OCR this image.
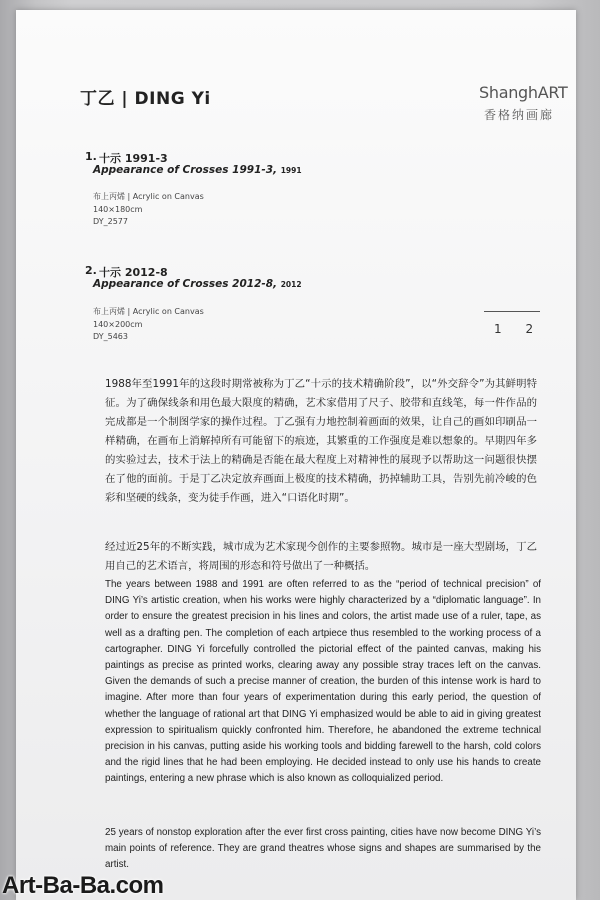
丁乙 | DING Yi	ShanghART
香格纳画廊
1. 十示 1991-3
Appearance of Crosses 1991-3, 1991
布上丙烯 | Acrylic on Canvas
140×180cm
DY_2577
2. 十示 2012-8
Appearance of Crosses 2012-8, 2012
布上丙烯 | Acrylic on Canvas
140×200cm
DY_5463
1 2
1988年至1991年的这段时期常被称为丁乙“十示的技术精确阶段”，以“外交辞令”为其鲜明特征。为了确保线条和用色最大限度的精确，艺术家借用了尺子、胶带和直线笔，每一件作品的完成都是一个制图学家的操作过程。丁乙强有力地控制着画面的效果，让自己的画如印刷品一样精确，在画布上消解掉所有可能留下的痕迹，其繁重的工作强度是难以想象的。早期四年多的实验过去，技术于法上的精确是否能在最大程度上对精神性的展现予以帮助这一问题很快摆在了他的面前。于是丁乙决定放弃画面上极度的技术精确，扔掉辅助工具，告别先前冷峻的色彩和坚硬的线条，变为徒手作画，进入“口语化时期”。
经过近25年的不断实践，城市成为艺术家现今创作的主要参照物。城市是一座大型剧场，丁乙用自己的艺术语言，将周围的形态和符号做出了一种概括。
The years between 1988 and 1991 are often referred to as the “period of technical precision” of DING Yi’s artistic creation, when his works were highly characterized by a “diplomatic language”. In order to ensure the greatest precision in his lines and colors, the artist made use of a ruler, tape, as well as a drafting pen. The completion of each artpiece thus resembled to the working process of a cartographer. DING Yi forcefully controlled the pictorial effect of the painted canvas, making his paintings as precise as printed works, clearing away any possible stray traces left on the canvas. Given the demands of such a precise manner of creation, the burden of this intense work is hard to imagine. After more than four years of experimentation during this early period, the question of whether the language of rational art that DING Yi emphasized would be able to aid in giving greatest expression to spiritualism quickly confronted him. Therefore, he abandoned the extreme technical precision in his canvas, putting aside his working tools and bidding farewell to the harsh, cold colors and the rigid lines that he had been employing. He decided instead to only use his hands to create paintings, entering a new phrase which is also known as colloquialized period.
25 years of nonstop exploration after the ever first cross painting, cities have now become DING Yi’s main points of reference. They are grand theatres whose signs and shapes are summarised by the artist.
Art-Ba-Ba.com
